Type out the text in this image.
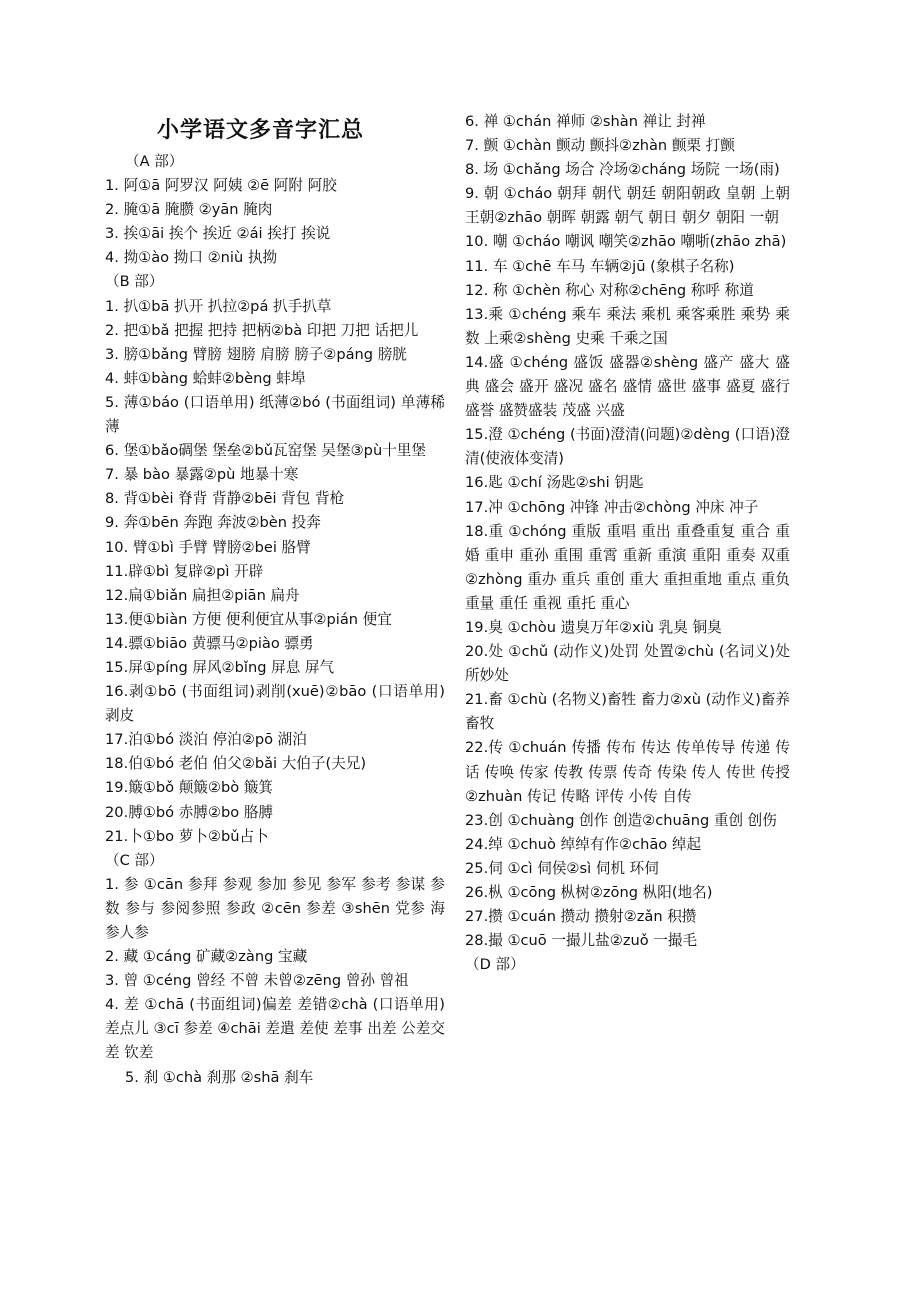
小学语文多音字汇总

（A 部）

1. 阿①ā 阿罗汉 阿姨 ②ē 阿附 阿胶

2. 腌①ā 腌臜 ②yān 腌肉

3. 挨①āi 挨个 挨近 ②ái 挨打 挨说

4. 拗①ào 拗口 ②niù 执拗

（B 部）

1. 扒①bā 扒开 扒拉②pá 扒手扒草

2. 把①bǎ 把握 把持 把柄②bà 印把 刀把 话把儿

3. 膀①bǎng 臂膀 翅膀 肩膀 膀子②páng 膀胱

4. 蚌①bàng 蛤蚌②bèng 蚌埠

5. 薄①báo (口语单用) 纸薄②bó (书面组词) 单薄稀薄

6. 堡①bǎo碉堡 堡垒②bǔ瓦窑堡 吴堡③pù十里堡

7. 暴 bào 暴露②pù 地暴十寒

8. 背①bèi 脊背 背静②bēi 背包 背枪

9. 奔①bēn 奔跑 奔波②bèn 投奔

10. 臂①bì 手臂 臂膀②bei 胳臂

11.辟①bì 复辟②pì 开辟

12.扁①biǎn 扁担②piān 扁舟

13.便①biàn 方便 便利便宜从事②pián 便宜

14.骠①biāo 黄骠马②piào 骠勇

15.屏①píng 屏风②bǐng 屏息 屏气

16.剥①bō (书面组词)剥削(xuē)②bāo (口语单用) 剥皮

17.泊①bó 淡泊 停泊②pō 湖泊

18.伯①bó 老伯 伯父②bǎi 大伯子(夫兄)

19.簸①bǒ 颠簸②bò 簸箕

20.膊①bó 赤膊②bo 胳膊

21.卜①bo 萝卜②bǔ占卜

（C 部）

1. 参 ①cān 参拜 参观 参加 参见 参军 参考 参谋 参数 参与 参阅参照 参政 ②cēn 参差 ③shēn 党参 海参人参

2. 藏 ①cáng 矿藏②zàng 宝藏

3. 曾 ①céng 曾经 不曾 未曾②zēng 曾孙 曾祖

4. 差 ①chā (书面组词)偏差 差错②chà (口语单用)差点儿 ③cī 参差 ④chāi 差遣 差使 差事 出差 公差交差 钦差

5. 刹 ①chà 刹那 ②shā 刹车

6. 禅 ①chán 禅师 ②shàn 禅让 封禅

7. 颤 ①chàn 颤动 颤抖②zhàn 颤栗 打颤

8. 场 ①chǎng 场合 冷场②cháng 场院 一场(雨)

9. 朝 ①cháo 朝拜 朝代 朝廷 朝阳朝政 皇朝 上朝 王朝②zhāo 朝晖 朝露 朝气 朝日 朝夕 朝阳 一朝

10. 嘲 ①cháo 嘲讽 嘲笑②zhāo 嘲哳(zhāo zhā)

11. 车 ①chē 车马 车辆②jū (象棋子名称)

12. 称 ①chèn 称心 对称②chēng 称呼 称道

13.乘 ①chéng 乘车 乘法 乘机 乘客乘胜 乘势 乘数 上乘②shèng 史乘 千乘之国

14.盛 ①chéng 盛饭 盛器②shèng 盛产 盛大 盛典 盛会 盛开 盛况 盛名 盛情 盛世 盛事 盛夏 盛行 盛誉 盛赞盛装 茂盛 兴盛

15.澄 ①chéng (书面)澄清(问题)②dèng (口语)澄清(使液体变清)

16.匙 ①chí 汤匙②shi 钥匙

17.冲 ①chōng 冲锋 冲击②chòng 冲床 冲子

18.重 ①chóng 重版 重唱 重出 重叠重复 重合 重婚 重申 重孙 重围 重霄 重新 重演 重阳 重奏 双重②zhòng 重办 重兵 重创 重大 重担重地 重点 重负 重量 重任 重视 重托 重心

19.臭 ①chòu 遗臭万年②xiù 乳臭 铜臭

20.处 ①chǔ (动作义)处罚 处置②chù (名词义)处所妙处

21.畜 ①chù (名物义)畜牲 畜力②xù (动作义)畜养畜牧

22.传 ①chuán 传播 传布 传达 传单传导 传递 传话 传唤 传家 传教 传票 传奇 传染 传人 传世 传授②zhuàn 传记 传略 评传 小传 自传

23.创 ①chuàng 创作 创造②chuāng 重创 创伤

24.绰 ①chuò 绰绰有作②chāo 绰起

25.伺 ①cì 伺侯②sì 伺机 环伺

26.枞 ①cōng 枞树②zōng 枞阳(地名)

27.攒 ①cuán 攒动 攒射②zǎn 积攒

28.撮 ①cuō 一撮儿盐②zuǒ 一撮毛

（D 部）
